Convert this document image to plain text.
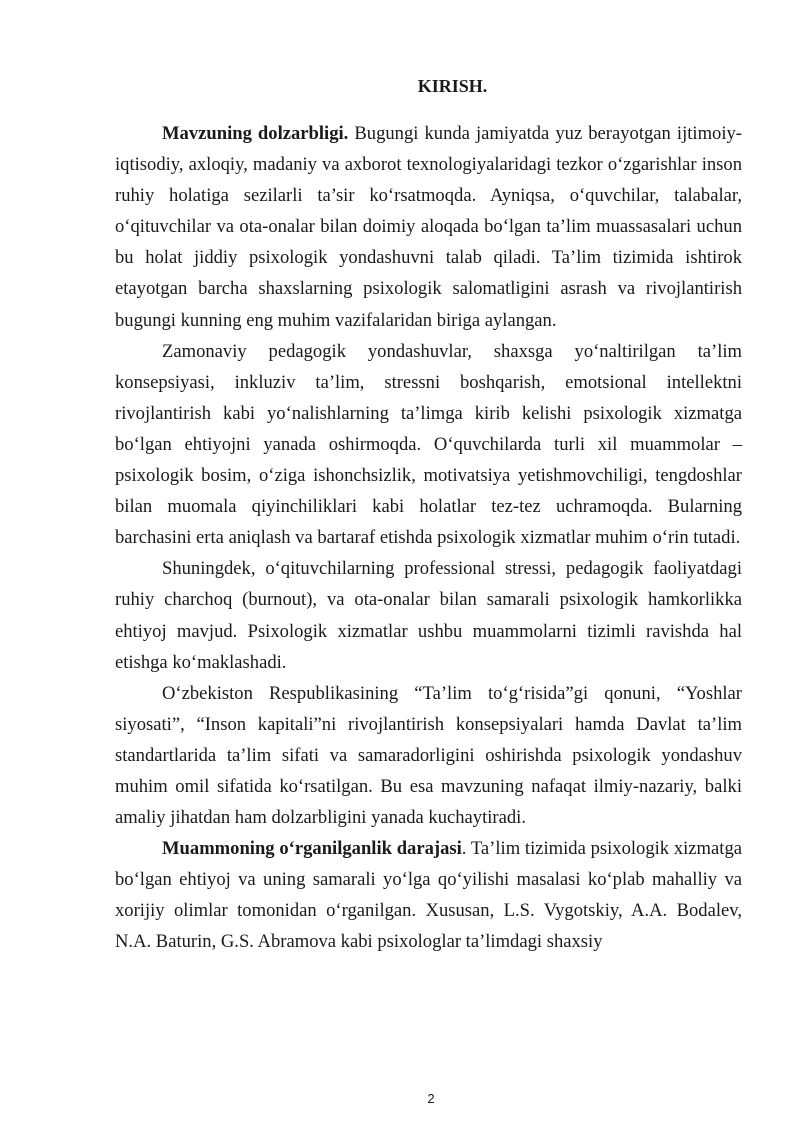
KIRISH.

Mavzuning dolzarbligi. Bugungi kunda jamiyatda yuz berayotgan ijtimoiy-iqtisodiy, axloqiy, madaniy va axborot texnologiyalaridagi tezkor o‘zgarishlar inson ruhiy holatiga sezilarli ta’sir ko‘rsatmoqda. Ayniqsa, o‘quvchilar, talabalar, o‘qituvchilar va ota-onalar bilan doimiy aloqada bo‘lgan ta’lim muassasalari uchun bu holat jiddiy psixologik yondashuvni talab qiladi. Ta’lim tizimida ishtirok etayotgan barcha shaxslarning psixologik salomatligini asrash va rivojlantirish bugungi kunning eng muhim vazifalaridan biriga aylangan.

Zamonaviy pedagogik yondashuvlar, shaxsga yo‘naltirilgan ta’lim konsepsiyasi, inkluziv ta’lim, stressni boshqarish, emotsional intellektni rivojlantirish kabi yo‘nalishlarning ta’limga kirib kelishi psixologik xizmatga bo‘lgan ehtiyojni yanada oshirmoqda. O‘quvchilarda turli xil muammolar – psixologik bosim, o‘ziga ishonchsizlik, motivatsiya yetishmovchiligi, tengdoshlar bilan muomala qiyinchiliklari kabi holatlar tez-tez uchramoqda. Bularning barchasini erta aniqlash va bartaraf etishda psixologik xizmatlar muhim o‘rin tutadi.

Shuningdek, o‘qituvchilarning professional stressi, pedagogik faoliyatdagi ruhiy charchoq (burnout), va ota-onalar bilan samarali psixologik hamkorlikka ehtiyoj mavjud. Psixologik xizmatlar ushbu muammolarni tizimli ravishda hal etishga ko‘maklashadi.

O‘zbekiston Respublikasining “Ta’lim to‘g‘risida”gi qonuni, “Yoshlar siyosati”, “Inson kapitali”ni rivojlantirish konsepsiyalari hamda Davlat ta’lim standartlarida ta’lim sifati va samaradorligini oshirishda psixologik yondashuv muhim omil sifatida ko‘rsatilgan. Bu esa mavzuning nafaqat ilmiy-nazariy, balki amaliy jihatdan ham dolzarbligini yanada kuchaytiradi.

Muammoning o‘rganilganlik darajasi. Ta’lim tizimida psixologik xizmatga bo‘lgan ehtiyoj va uning samarali yo‘lga qo‘yilishi masalasi ko‘plab mahalliy va xorijiy olimlar tomonidan o‘rganilgan. Xususan, L.S. Vygotskiy, A.A. Bodalev, N.A. Baturin, G.S. Abramova kabi psixologlar ta’limdagi shaxsiy

2
